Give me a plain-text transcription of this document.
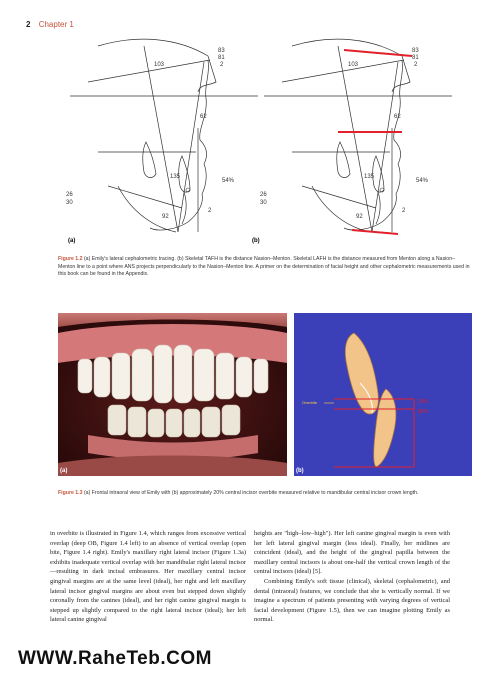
2 Chapter 1
103
83
81
2
62
135
54%
26
30
92
2
(a)
103
83
81
2
62
135
54%
26
30
92
2
(b)
Figure 1.2 (a) Emily's lateral cephalometric tracing. (b) Skeletal TAFH is the distance Nasion–Menton. Skeletal LAFH is the distance measured from Menton along a Nasion–Menton line to a point where ANS projects perpendicularly to the Nasion–Menton line. A primer on the determination of facial height and other cephalometric measurements used in this book can be found in the Appendix.
(a)
Overbite	20%
80%
(b)
Figure 1.3 (a) Frontal intraoral view of Emily with (b) approximately 20% central incisor overbite measured relative to mandibular central incisor crown length.

in overbite is illustrated in Figure 1.4, which ranges from excessive vertical overlap (deep OB, Figure 1.4 left) to an absence of vertical overlap (open bite, Figure 1.4 right). Emily's maxillary right lateral incisor (Figure 1.3a) exhibits inadequate vertical overlap with her mandibular right lateral incisor—resulting in dark incisal embrasures. Her maxillary central incisor gingival margins are at the same level (ideal), her right and left maxillary lateral incisor gingival margins are about even but stepped down slightly coronally from the canines (ideal), and her right canine gingival margin is stepped up slightly compared to the right lateral incisor (ideal); her left lateral canine gingival

heights are "high–low–high"). Her left canine gingival margin is even with her left lateral gingival margin (less ideal). Finally, her midlines are coincident (ideal), and the height of the gingival papilla between the maxillary central incisors is about one-half the vertical crown length of the central incisors (ideal) [5].

Combining Emily's soft tissue (clinical), skeletal (cephalometric), and dental (intraoral) features, we conclude that she is vertically normal. If we imagine a spectrum of patients presenting with varying degrees of vertical facial development (Figure 1.5), then we can imagine plotting Emily as normal.

WWW.RaheTeb.COM
